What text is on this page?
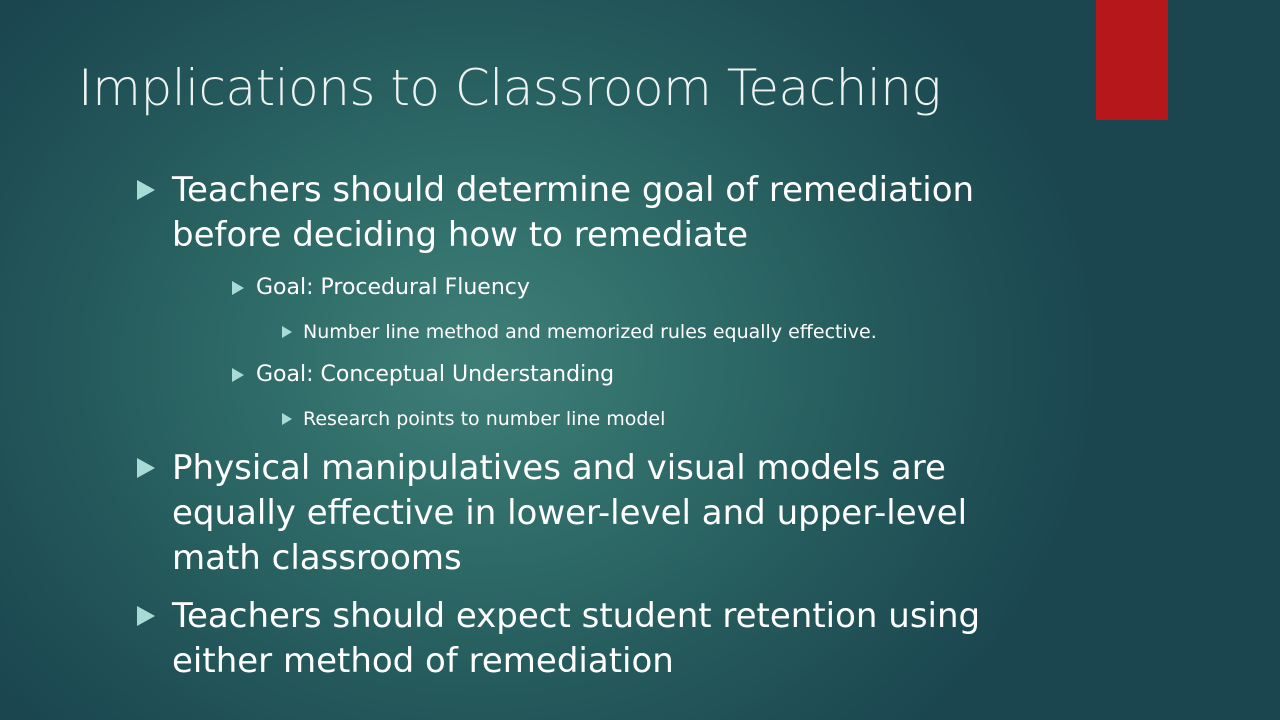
Implications to Classroom Teaching
Teachers should determine goal of remediation
before deciding how to remediate
Goal: Procedural Fluency
Number line method and memorized rules equally effective.
Goal: Conceptual Understanding
Research points to number line model
Physical manipulatives and visual models are
equally effective in lower-level and upper-level
math classrooms
Teachers should expect student retention using
either method of remediation
